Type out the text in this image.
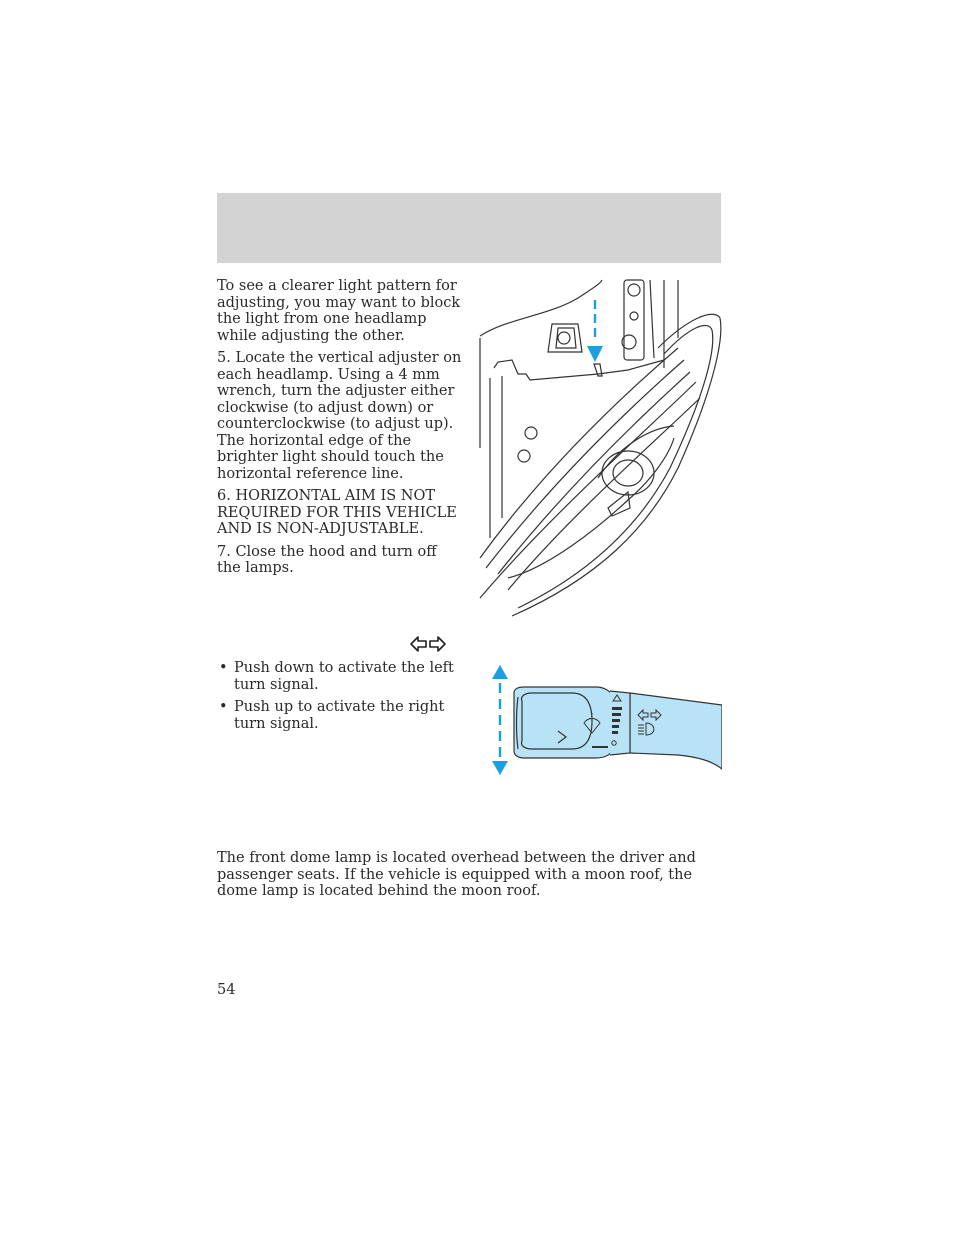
To see a clearer light pattern for adjusting, you may want to block the light from one headlamp while adjusting the other.

5. Locate the vertical adjuster on each headlamp. Using a 4 mm wrench, turn the adjuster either clockwise (to adjust down) or counterclockwise (to adjust up). The horizontal edge of the brighter light should touch the horizontal reference line.

6. HORIZONTAL AIM IS NOT REQUIRED FOR THIS VEHICLE AND IS NON-ADJUSTABLE.

7. Close the hood and turn off the lamps.

• Push down to activate the left turn signal.
• Push up to activate the right turn signal.

The front dome lamp is located overhead between the driver and passenger seats. If the vehicle is equipped with a moon roof, the dome lamp is located behind the moon roof.

54
